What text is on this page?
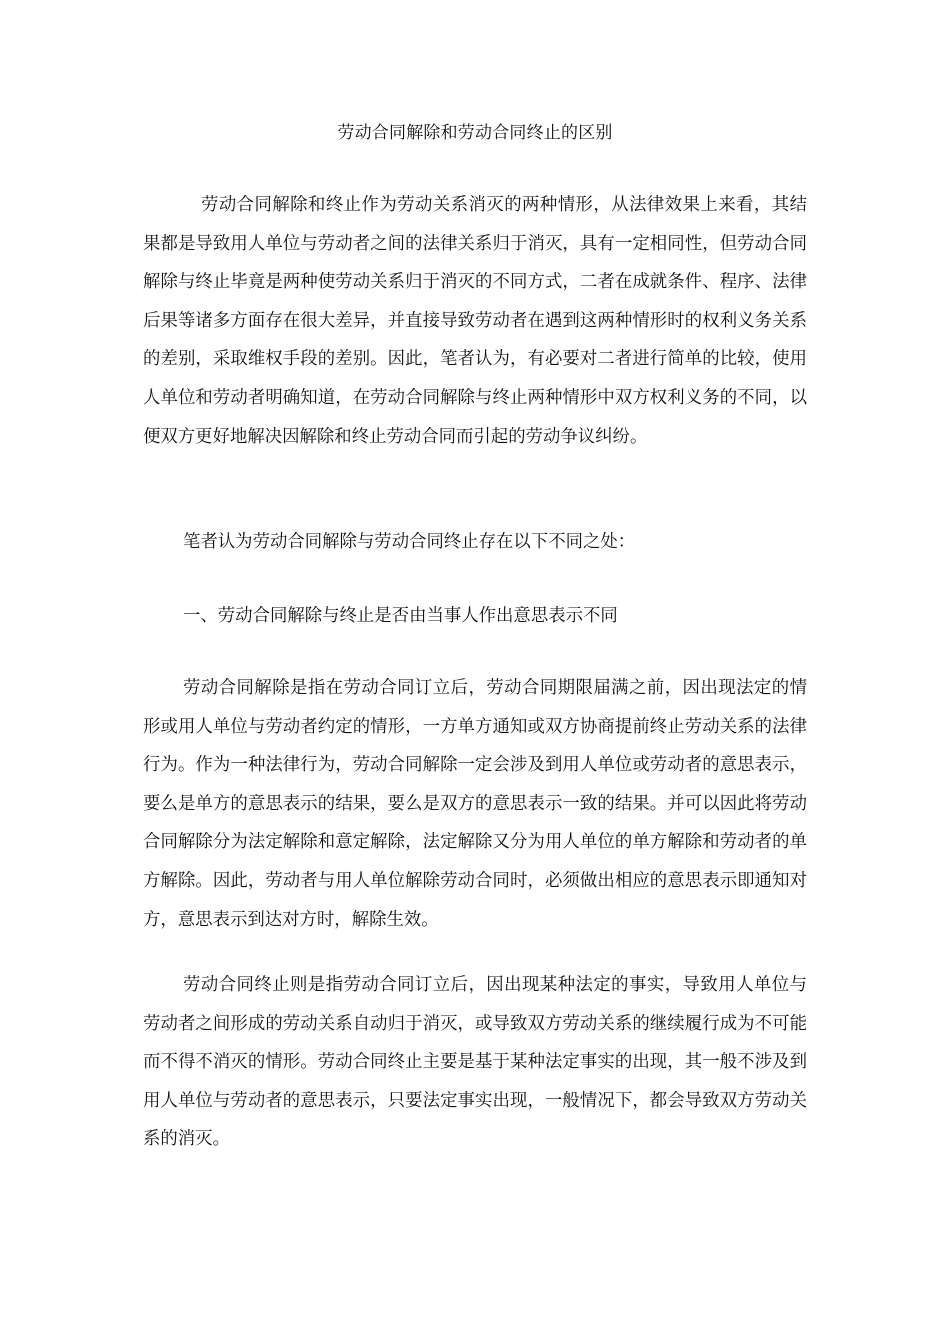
劳动合同解除和劳动合同终止的区别

劳动合同解除和终止作为劳动关系消灭的两种情形，从法律效果上来看，其结果都是导致用人单位与劳动者之间的法律关系归于消灭，具有一定相同性，但劳动合同解除与终止毕竟是两种使劳动关系归于消灭的不同方式，二者在成就条件、程序、法律后果等诸多方面存在很大差异，并直接导致劳动者在遇到这两种情形时的权利义务关系的差别，采取维权手段的差别。因此，笔者认为，有必要对二者进行简单的比较，使用人单位和劳动者明确知道，在劳动合同解除与终止两种情形中双方权利义务的不同，以便双方更好地解决因解除和终止劳动合同而引起的劳动争议纠纷。

笔者认为劳动合同解除与劳动合同终止存在以下不同之处：

一、劳动合同解除与终止是否由当事人作出意思表示不同

劳动合同解除是指在劳动合同订立后，劳动合同期限届满之前，因出现法定的情形或用人单位与劳动者约定的情形，一方单方通知或双方协商提前终止劳动关系的法律行为。作为一种法律行为，劳动合同解除一定会涉及到用人单位或劳动者的意思表示，要么是单方的意思表示的结果，要么是双方的意思表示一致的结果。并可以因此将劳动合同解除分为法定解除和意定解除，法定解除又分为用人单位的单方解除和劳动者的单方解除。因此，劳动者与用人单位解除劳动合同时，必须做出相应的意思表示即通知对方，意思表示到达对方时，解除生效。

劳动合同终止则是指劳动合同订立后，因出现某种法定的事实，导致用人单位与劳动者之间形成的劳动关系自动归于消灭，或导致双方劳动关系的继续履行成为不可能而不得不消灭的情形。劳动合同终止主要是基于某种法定事实的出现，其一般不涉及到用人单位与劳动者的意思表示，只要法定事实出现，一般情况下，都会导致双方劳动关系的消灭。
